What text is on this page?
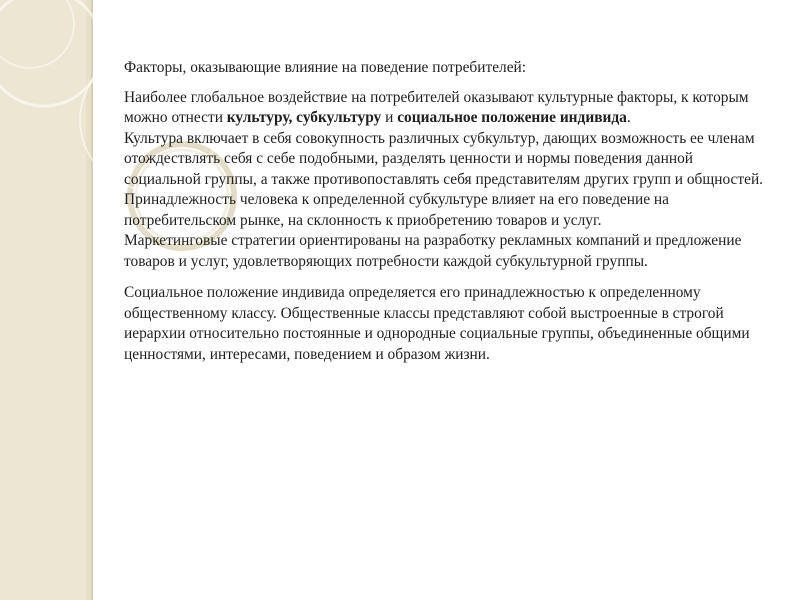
Факторы, оказывающие влияние на поведение потребителей:

Наиболее глобальное воздействие на потребителей оказывают культурные факторы, к которым можно отнести культуру, субкультуру и социальное положение индивида.
Культура включает в себя совокупность различных субкультур, дающих возможность ее членам отождествлять себя с себе подобными, разделять ценности и нормы поведения данной социальной группы, а также противопоставлять себя представителям других групп и общностей.
Принадлежность человека к определенной субкультуре влияет на его поведение на потребительском рынке, на склонность к приобретению товаров и услуг.
Маркетинговые стратегии ориентированы на разработку рекламных компаний и предложение товаров и услуг, удовлетворяющих потребности каждой субкультурной группы.

Социальное положение индивида определяется его принадлежностью к определенному общественному классу. Общественные классы представляют собой выстроенные в строгой иерархии относительно постоянные и однородные социальные группы, объединенные общими ценностями, интересами, поведением и образом жизни.
